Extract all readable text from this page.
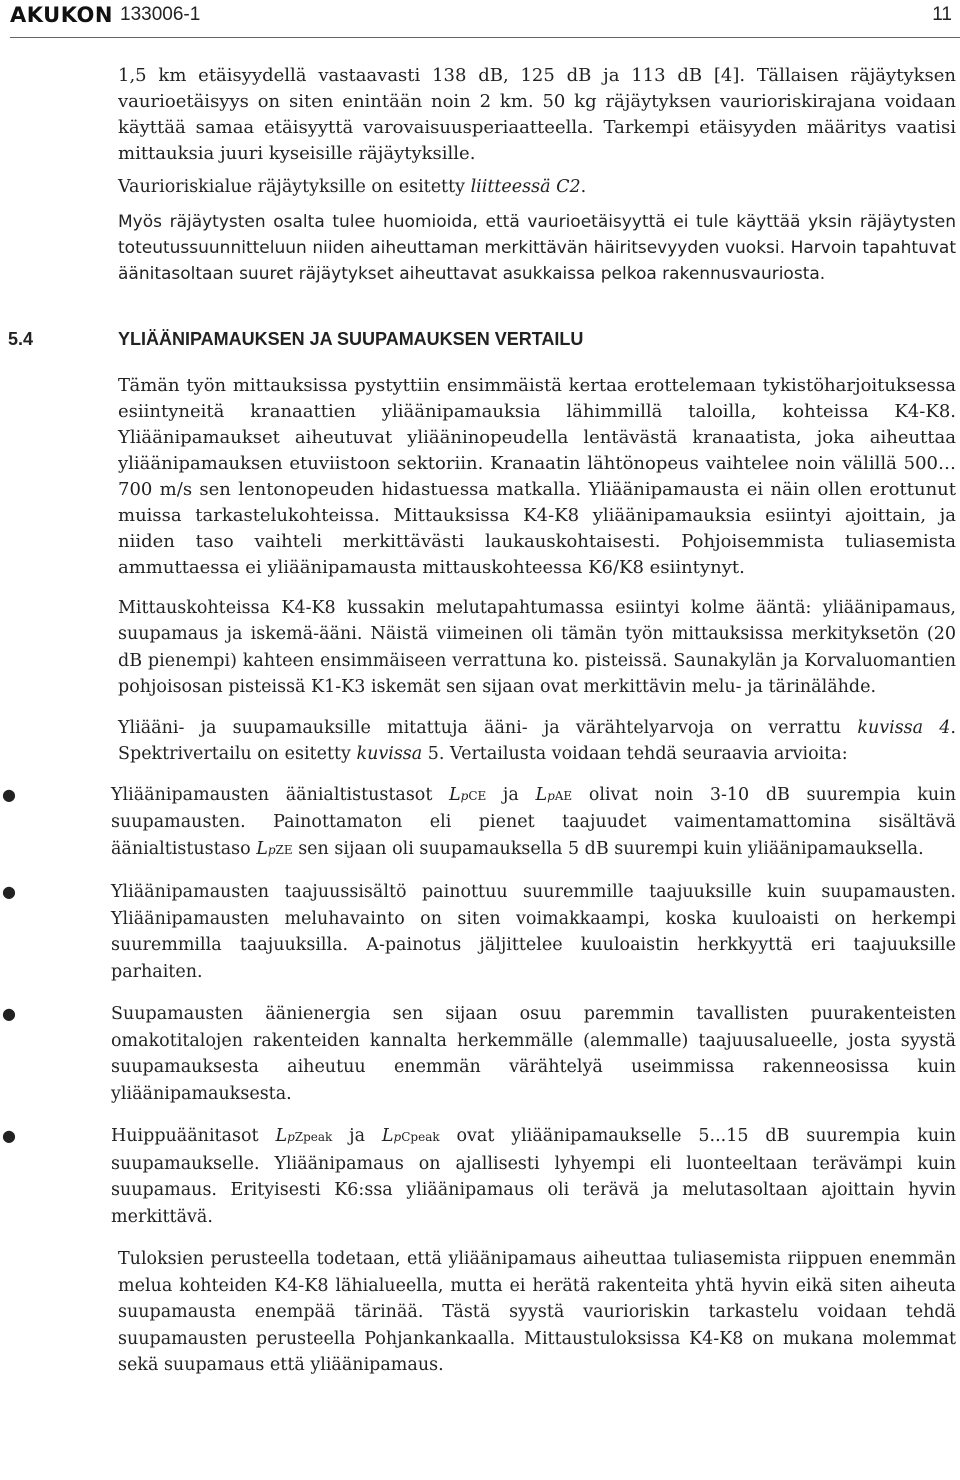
AKUKON 133006-1	11

1,5 km etäisyydellä vastaavasti 138 dB, 125 dB ja 113 dB [4]. Tällaisen räjäytyksen vaurioetäisyys on siten enintään noin 2 km. 50 kg räjäytyksen vaurioriskirajana voidaan käyttää samaa etäisyyttä varovaisuusperiaatteella. Tarkempi etäisyyden määritys vaatisi mittauksia juuri kyseisille räjäytyksille.

Vaurioriskialue räjäytyksille on esitetty liitteessä C2.

Myös räjäytysten osalta tulee huomioida, että vaurioetäisyyttä ei tule käyttää yksin räjäytysten toteutussuunnitteluun niiden aiheuttaman merkittävän häiritsevyyden vuoksi. Harvoin tapahtuvat äänitasoltaan suuret räjäytykset aiheuttavat asukkaissa pelkoa rakennusvauriosta.

5.4	YLIÄÄNIPAMAUKSEN JA SUUPAMAUKSEN VERTAILU

Tämän työn mittauksissa pystyttiin ensimmäistä kertaa erottelemaan tykistöharjoituksessa esiintyneitä kranaattien yliäänipamauksia lähimmillä taloilla, kohteissa K4-K8. Yliäänipamaukset aiheutuvat yliääninopeudella lentävästä kranaatista, joka aiheuttaa yliäänipamauksen etuviistoon sektoriin. Kranaatin lähtönopeus vaihtelee noin välillä 500…700 m/s sen lentonopeuden hidastuessa matkalla. Yliäänipamausta ei näin ollen erottunut muissa tarkastelukohteissa. Mittauksissa K4-K8 yliäänipamauksia esiintyi ajoittain, ja niiden taso vaihteli merkittävästi laukauskohtaisesti. Pohjoisemmista tuliasemista ammuttaessa ei yliäänipamausta mittauskohteessa K6/K8 esiintynyt.

Mittauskohteissa K4-K8 kussakin melutapahtumassa esiintyi kolme ääntä: yliäänipamaus, suupamaus ja iskemä-ääni. Näistä viimeinen oli tämän työn mittauksissa merkityksetön (20 dB pienempi) kahteen ensimmäiseen verrattuna ko. pisteissä. Saunakylän ja Korvaluomantien pohjoisosan pisteissä K1-K3 iskemät sen sijaan ovat merkittävin melu- ja tärinälähde.

Yliääni- ja suupamauksille mitattuja ääni- ja värähtelyarvoja on verrattu kuvissa 4. Spektrivertailu on esitetty kuvissa 5. Vertailusta voidaan tehdä seuraavia arvioita:

●	Yliäänipamausten äänialtistustasot LpCE ja LpAE olivat noin 3-10 dB suurempia kuin suupamausten. Painottamaton eli pienet taajuudet vaimentamattomina sisältävä äänialtistustaso LpZE sen sijaan oli suupamauksella 5 dB suurempi kuin yliäänipamauksella.

●	Yliäänipamausten taajuussisältö painottuu suuremmille taajuuksille kuin suupamausten. Yliäänipamausten meluhavainto on siten voimakkaampi, koska kuuloaisti on herkempi suuremmilla taajuuksilla. A-painotus jäljittelee kuuloaistin herkkyyttä eri taajuuksille parhaiten.

●	Suupamausten äänienergia sen sijaan osuu paremmin tavallisten puurakenteisten omakotitalojen rakenteiden kannalta herkemmälle (alemmalle) taajuusalueelle, josta syystä suupamauksesta aiheutuu enemmän värähtelyä useimmissa rakenneosissa kuin yliäänipamauksesta.

●	Huippuäänitasot LpZpeak ja LpCpeak ovat yliäänipamaukselle 5...15 dB suurempia kuin suupamaukselle. Yliäänipamaus on ajallisesti lyhyempi eli luonteeltaan terävämpi kuin suupamaus. Erityisesti K6:ssa yliäänipamaus oli terävä ja melutasoltaan ajoittain hyvin merkittävä.

Tuloksien perusteella todetaan, että yliäänipamaus aiheuttaa tuliasemista riippuen enemmän melua kohteiden K4-K8 lähialueella, mutta ei herätä rakenteita yhtä hyvin eikä siten aiheuta suupamausta enempää tärinää. Tästä syystä vaurioriskin tarkastelu voidaan tehdä suupamausten perusteella Pohjankankaalla. Mittaustuloksissa K4-K8 on mukana molemmat sekä suupamaus että yliäänipamaus.
